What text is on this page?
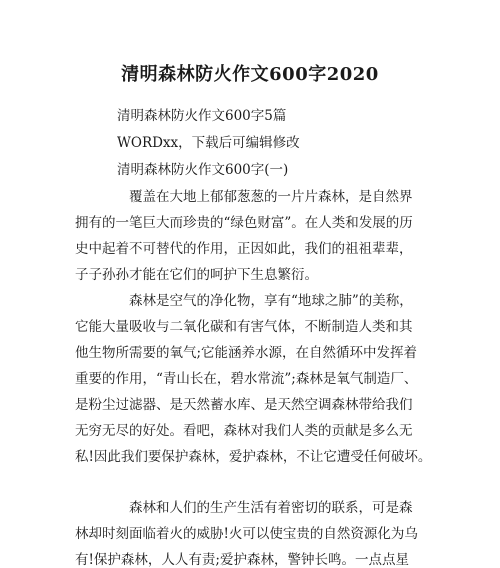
清明森林防火作文600字2020
清明森林防火作文600字5篇
WORDxx，下载后可编辑修改
清明森林防火作文600字(一)
覆盖在大地上郁郁葱葱的一片片森林，是自然界
拥有的一笔巨大而珍贵的“绿色财富”。在人类和发展的历
史中起着不可替代的作用，正因如此，我们的祖祖辈辈，
子子孙孙才能在它们的呵护下生息繁衍。
森林是空气的净化物，享有“地球之肺”的美称，
它能大量吸收与二氧化碳和有害气体，不断制造人类和其
他生物所需要的氧气;它能涵养水源，在自然循环中发挥着
重要的作用，“青山长在，碧水常流”;森林是氧气制造厂、
是粉尘过滤器、是天然蓄水库、是天然空调森林带给我们
无穷无尽的好处。看吧，森林对我们人类的贡献是多么无
私!因此我们要保护森林，爱护森林，不让它遭受任何破坏。
森林和人们的生产生活有着密切的联系，可是森
林却时刻面临着火的威胁!火可以使宝贵的自然资源化为乌
有!保护森林，人人有责;爱护森林，警钟长鸣。一点点星
